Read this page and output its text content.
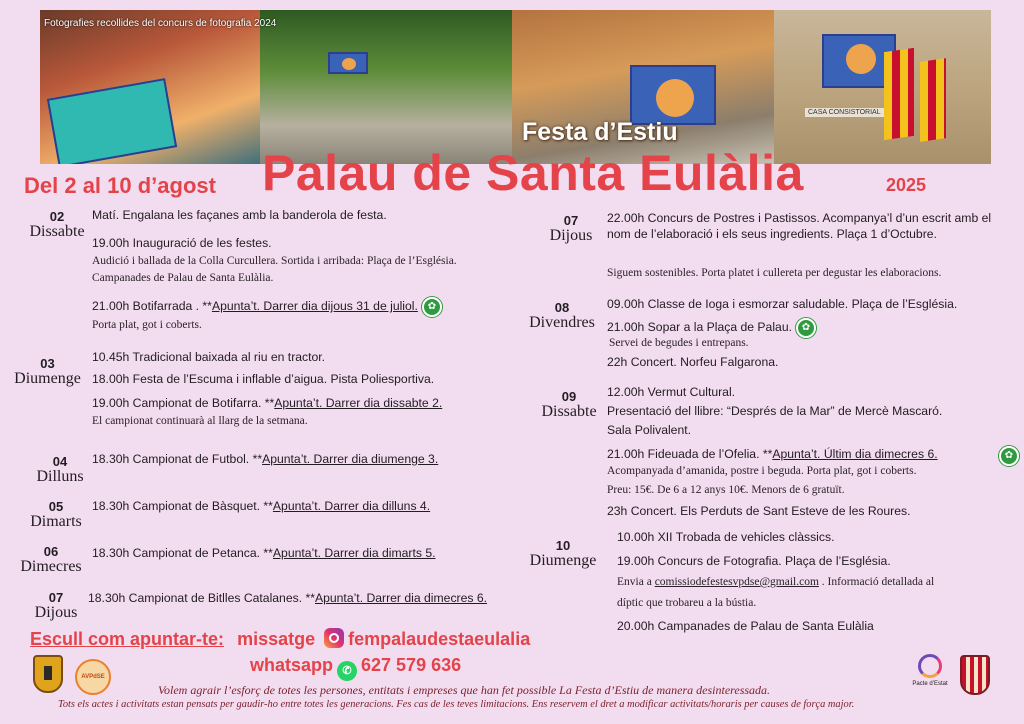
Fotografies recollides del concurs de fotografia 2024
Festa d’Estiu
CASA CONSISTORIAL
Del 2 al 10 d’agost Palau de Santa Eulàlia	2025
02
Dissabte
Matí. Engalana les façanes amb la banderola de festa.
19.00h Inauguració de les festes.
Audició i ballada de la Colla Curcullera. Sortida i arribada: Plaça de l’Església.
Campanades de Palau de Santa Eulàlia.
21.00h Botifarrada . **Apunta’t. Darrer dia dijous 31 de juliol. ✿
Porta plat, got i coberts.
03
Diumenge
10.45h Tradicional baixada al riu en tractor.
18.00h Festa de l’Escuma i inflable d’aigua. Pista Poliesportiva.
19.00h Campionat de Botifarra. **Apunta’t. Darrer dia dissabte 2.
El campionat continuarà al llarg de la setmana.
04
Dilluns
18.30h Campionat de Futbol. **Apunta’t. Darrer dia diumenge 3.
05
Dimarts
18.30h Campionat de Bàsquet. **Apunta’t. Darrer dia dilluns 4.
06
Dimecres
18.30h Campionat de Petanca. **Apunta’t. Darrer dia dimarts 5.
07
Dijous
18.30h Campionat de Bitlles Catalanes. **Apunta’t. Darrer dia dimecres 6.
07
Dijous
22.00h Concurs de Postres i Pastissos. Acompanya’l d’un escrit amb el nom de l’elaboració i els seus ingredients. Plaça 1 d’Octubre.
Siguem sostenibles. Porta platet i cullereta per degustar les elaboracions.
08
Divendres
09.00h Classe de Ioga i esmorzar saludable. Plaça de l’Església.
21.00h Sopar a la Plaça de Palau. ✿
Servei de begudes i entrepans.
22h Concert. Norfeu Falgarona.
09
Dissabte
12.00h Vermut Cultural.
Presentació del llibre: “Després de la Mar” de Mercè Mascaró.
Sala Polivalent.
21.00h Fideuada de l’Ofelia. **Apunta’t. Últim dia dimecres 6.	✿
Acompanyada d’amanida, postre i beguda. Porta plat, got i coberts.
Preu: 15€. De 6 a 12 anys 10€. Menors de 6 gratuït.
23h Concert. Els Perduts de Sant Esteve de les Roures.
10
Diumenge
10.00h XII Trobada de vehicles clàssics.
19.00h Concurs de Fotografia. Plaça de l’Església.
Envia a comissiodefestesvpdse@gmail.com . Informació detallada al
díptic que trobareu a la bústia.
20.00h Campanades de Palau de Santa Eulàlia
Escull com apuntar-te: missatge fempalaudestaeulalia
whatsapp ✆ 627 579 636
AVPdSE
Pacte d’Estat
Volem agrair l’esforç de totes les persones, entitats i empreses que han fet possible La Festa d’Estiu de manera desinteressada.
Tots els actes i activitats estan pensats per gaudir-ho entre totes les generacions. Fes cas de les teves limitacions. Ens reservem el dret a modificar activitats/horaris per causes de força major.
